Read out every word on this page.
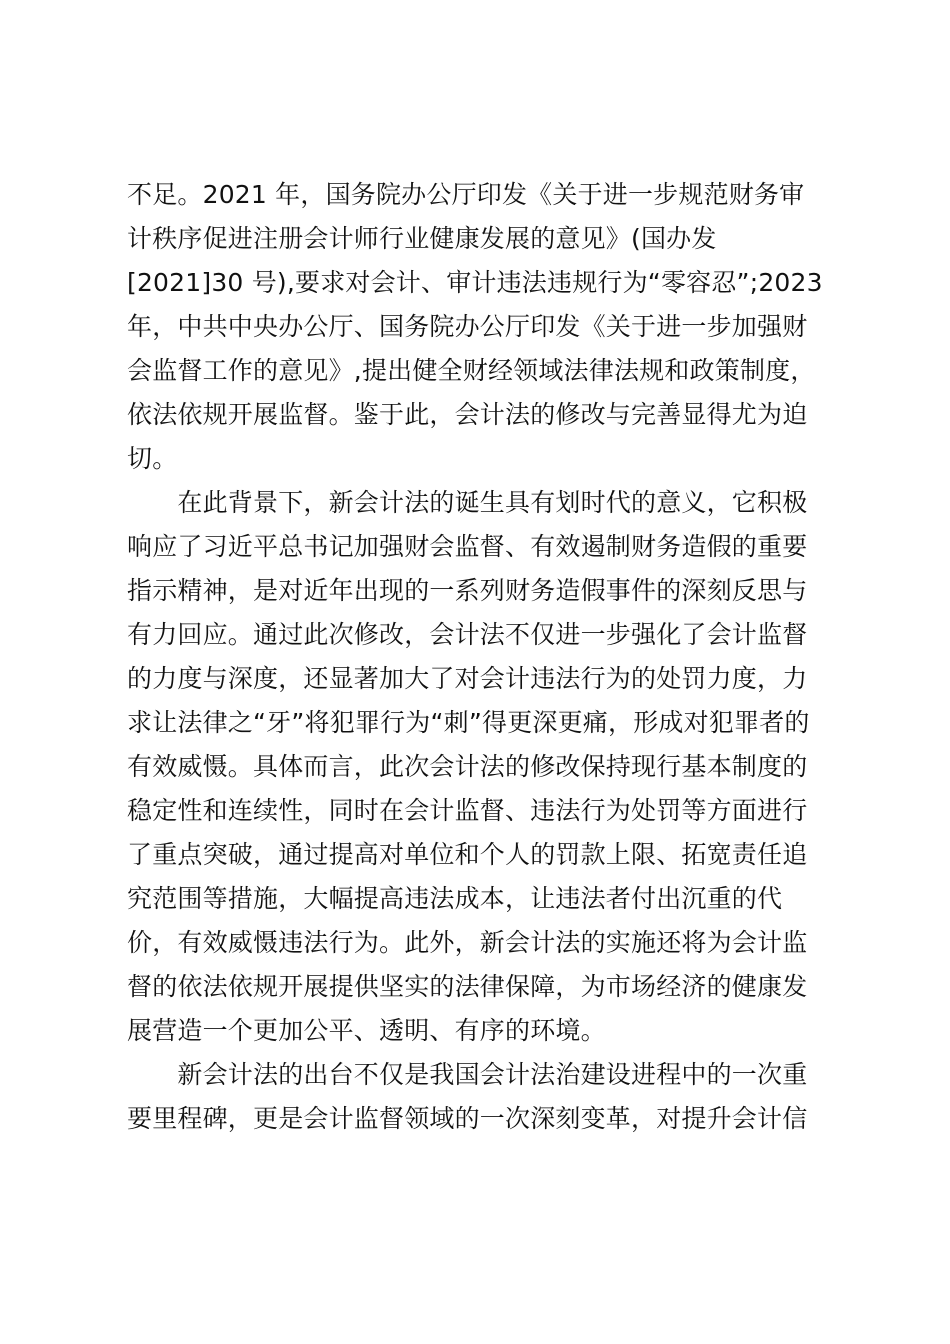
不足。2021 年，国务院办公厅印发《关于进一步规范财务审
计秩序促进注册会计师行业健康发展的意见》(国办发
[2021]30 号),要求对会计、审计违法违规行为“零容忍”;2023
年，中共中央办公厅、国务院办公厅印发《关于进一步加强财
会监督工作的意见》,提出健全财经领域法律法规和政策制度，
依法依规开展监督。鉴于此，会计法的修改与完善显得尤为迫
切。
　　在此背景下，新会计法的诞生具有划时代的意义，它积极
响应了习近平总书记加强财会监督、有效遏制财务造假的重要
指示精神，是对近年出现的一系列财务造假事件的深刻反思与
有力回应。通过此次修改，会计法不仅进一步强化了会计监督
的力度与深度，还显著加大了对会计违法行为的处罚力度，力
求让法律之“牙”将犯罪行为“刺”得更深更痛，形成对犯罪者的
有效威慑。具体而言，此次会计法的修改保持现行基本制度的
稳定性和连续性，同时在会计监督、违法行为处罚等方面进行
了重点突破，通过提高对单位和个人的罚款上限、拓宽责任追
究范围等措施，大幅提高违法成本，让违法者付出沉重的代
价，有效威慑违法行为。此外，新会计法的实施还将为会计监
督的依法依规开展提供坚实的法律保障，为市场经济的健康发
展营造一个更加公平、透明、有序的环境。
　　新会计法的出台不仅是我国会计法治建设进程中的一次重
要里程碑，更是会计监督领域的一次深刻变革，对提升会计信
